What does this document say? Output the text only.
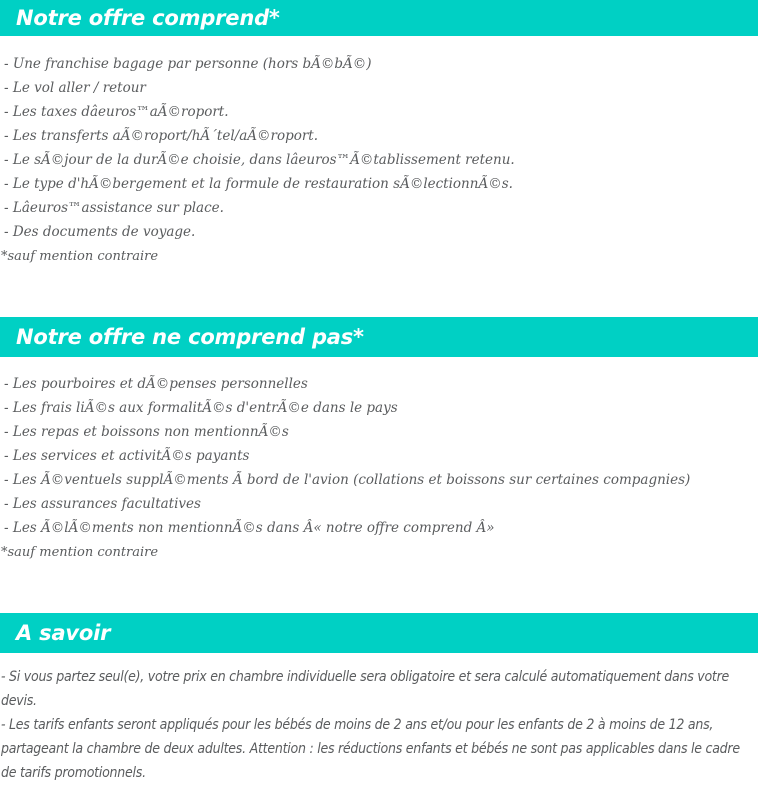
Notre offre comprend*
- Une franchise bagage par personne (hors bÃ©bÃ©)
- Le vol aller / retour
- Les taxes dâeuros™aÃ©roport.
- Les transferts aÃ©roport/hÃ´tel/aÃ©roport.
- Le sÃ©jour de la durÃ©e choisie, dans lâeuros™Ã©tablissement retenu.
- Le type d'hÃ©bergement et la formule de restauration sÃ©lectionnÃ©s.
- Lâeuros™assistance sur place.
- Des documents de voyage.
*sauf mention contraire
Notre offre ne comprend pas*
- Les pourboires et dÃ©penses personnelles
- Les frais liÃ©s aux formalitÃ©s d'entrÃ©e dans le pays
- Les repas et boissons non mentionnÃ©s
- Les services et activitÃ©s payants
- Les Ã©ventuels supplÃ©ments Ã bord de l'avion (collations et boissons sur certaines compagnies)
- Les assurances facultatives
- Les Ã©lÃ©ments non mentionnÃ©s dans Â« notre offre comprend Â»
*sauf mention contraire
A savoir
- Si vous partez seul(e), votre prix en chambre individuelle sera obligatoire et sera calculé automatiquement dans votre devis.
- Les tarifs enfants seront appliqués pour les bébés de moins de 2 ans et/ou pour les enfants de 2 à moins de 12 ans, partageant la chambre de deux adultes. Attention : les réductions enfants et bébés ne sont pas applicables dans le cadre de tarifs promotionnels.
